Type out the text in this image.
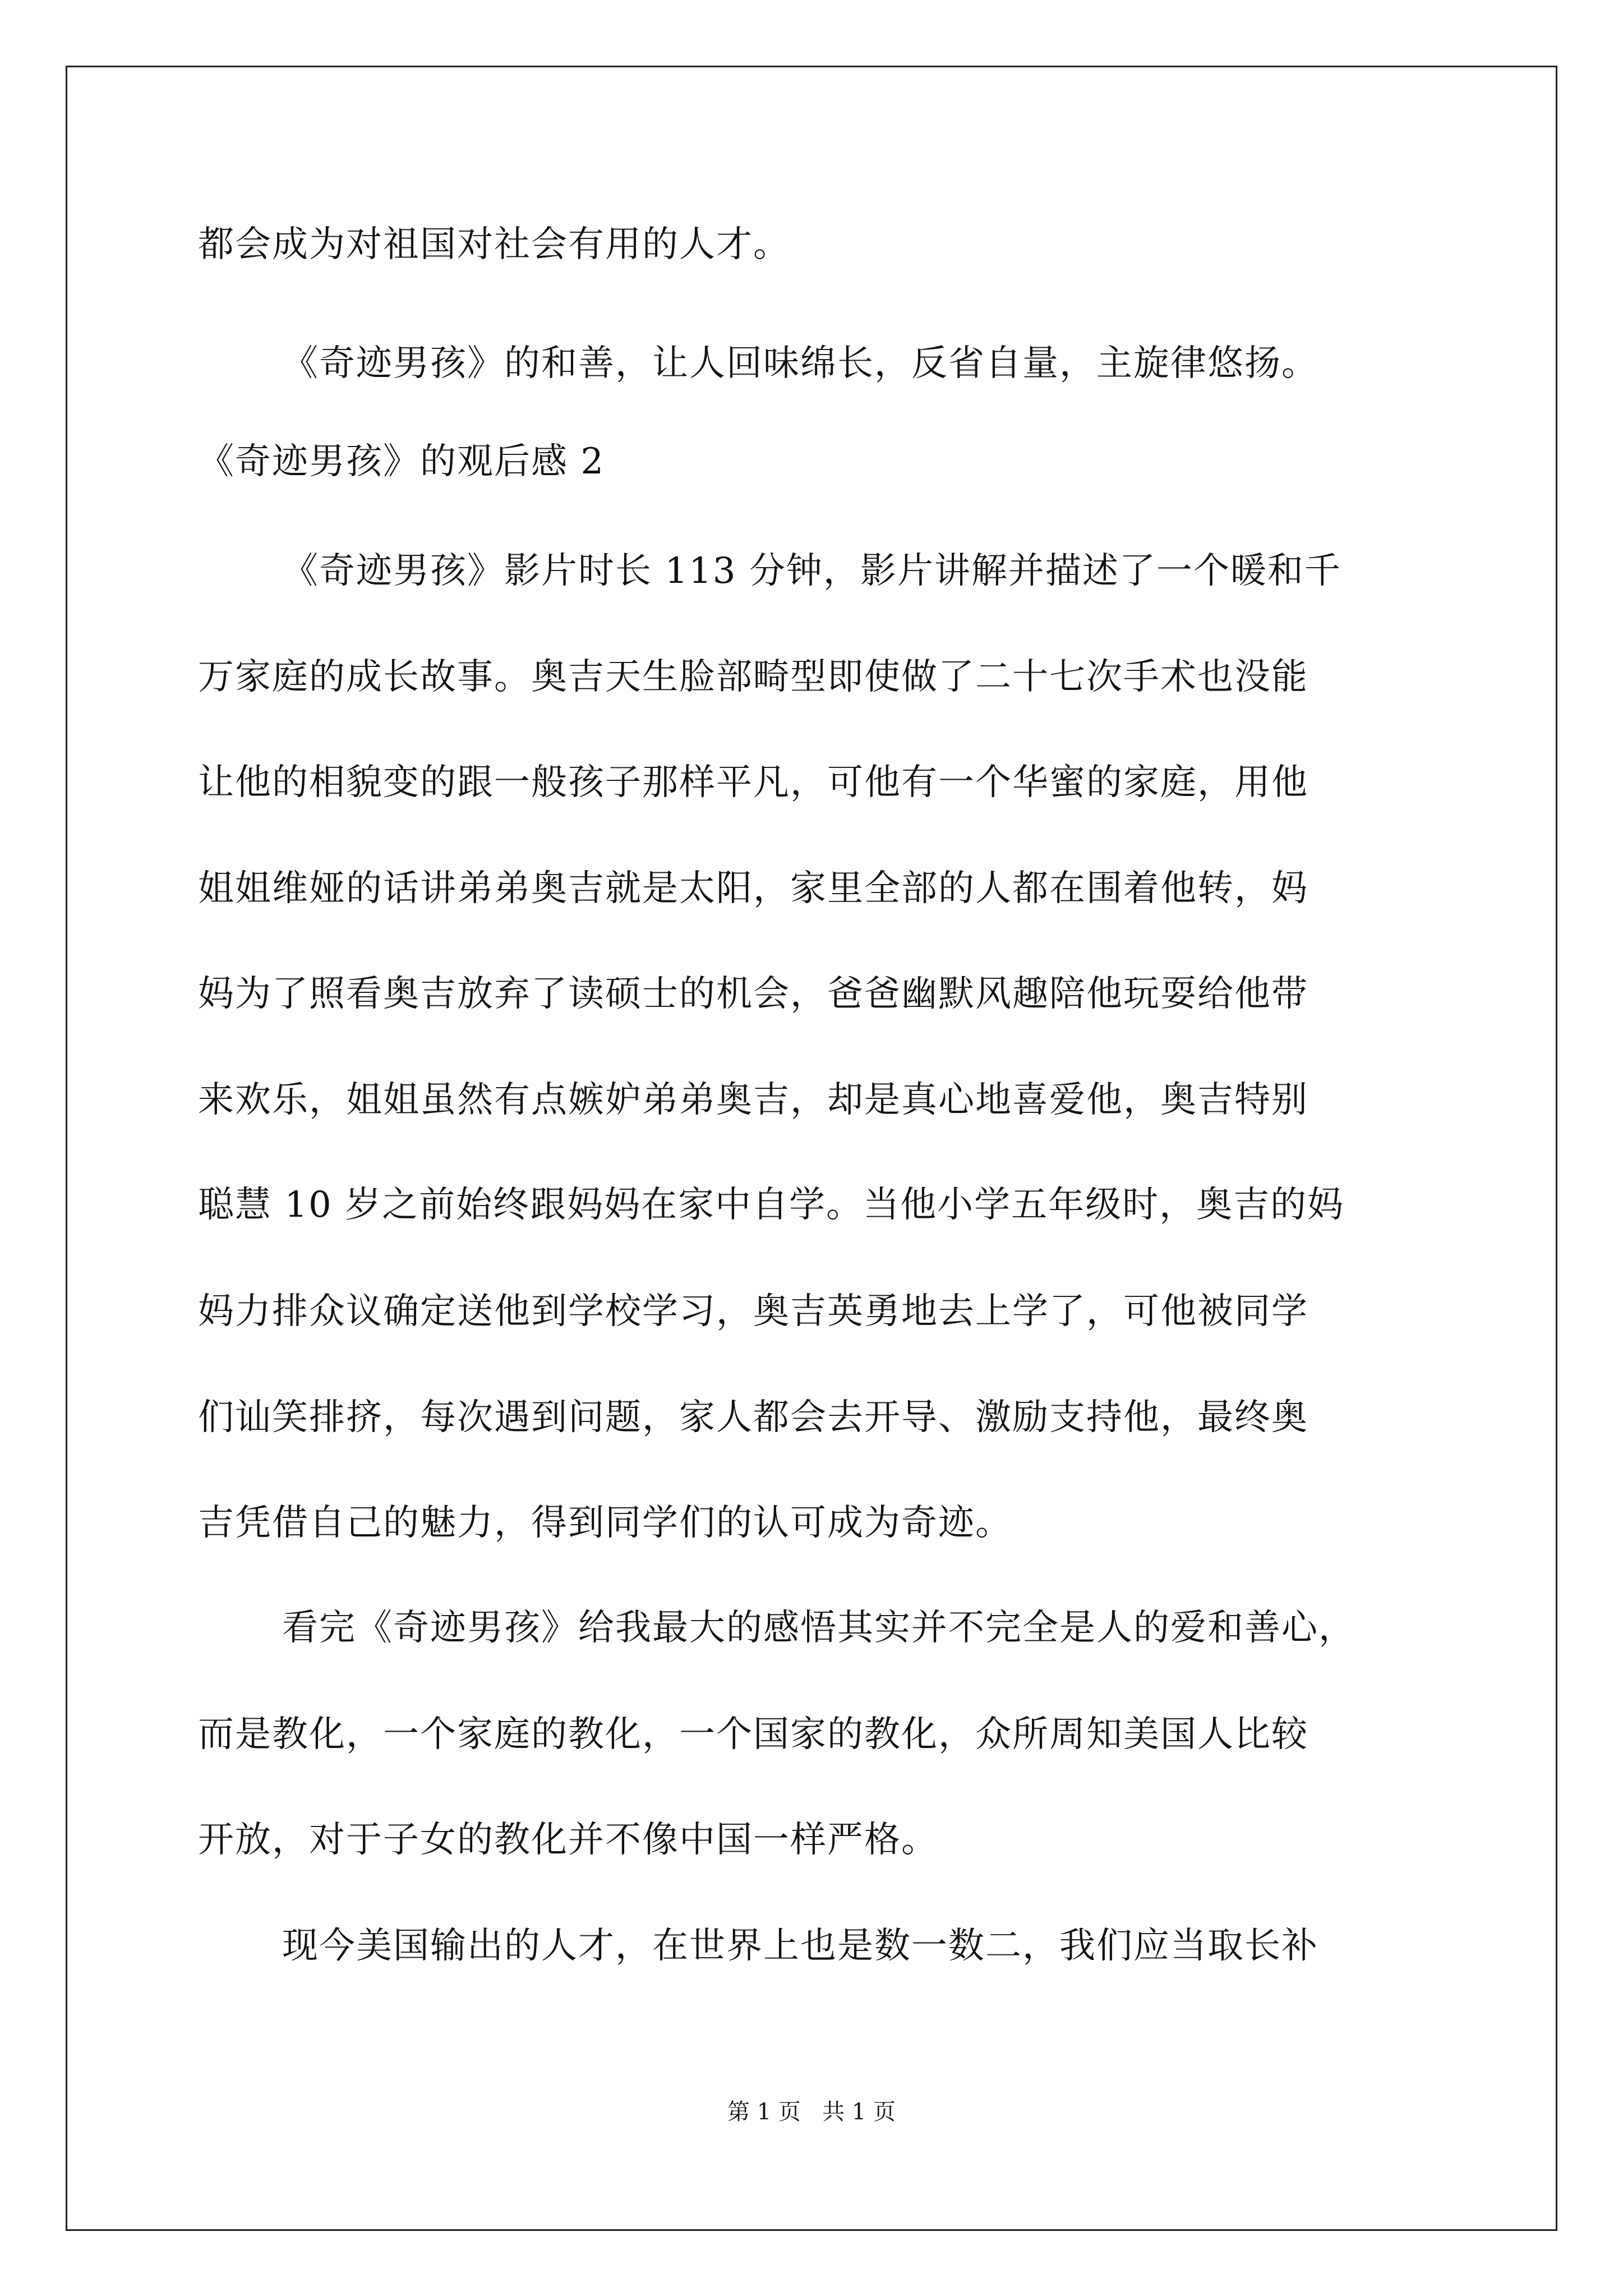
都会成为对祖国对社会有用的人才。
《奇迹男孩》的和善，让人回味绵长，反省自量，主旋律悠扬。
《奇迹男孩》的观后感 2
《奇迹男孩》影片时长 113 分钟，影片讲解并描述了一个暖和千
万家庭的成长故事。奥吉天生脸部畸型即使做了二十七次手术也没能
让他的相貌变的跟一般孩子那样平凡，可他有一个华蜜的家庭，用他
姐姐维娅的话讲弟弟奥吉就是太阳，家里全部的人都在围着他转，妈
妈为了照看奥吉放弃了读硕士的机会，爸爸幽默风趣陪他玩耍给他带
来欢乐，姐姐虽然有点嫉妒弟弟奥吉，却是真心地喜爱他，奥吉特别
聪慧 10 岁之前始终跟妈妈在家中自学。当他小学五年级时，奥吉的妈
妈力排众议确定送他到学校学习，奥吉英勇地去上学了，可他被同学
们讪笑排挤，每次遇到问题，家人都会去开导、激励支持他，最终奥
吉凭借自己的魅力，得到同学们的认可成为奇迹。
看完《奇迹男孩》给我最大的感悟其实并不完全是人的爱和善心，
而是教化，一个家庭的教化，一个国家的教化，众所周知美国人比较
开放，对于子女的教化并不像中国一样严格。
现今美国输出的人才，在世界上也是数一数二，我们应当取长补
第 1 页   共 1 页
